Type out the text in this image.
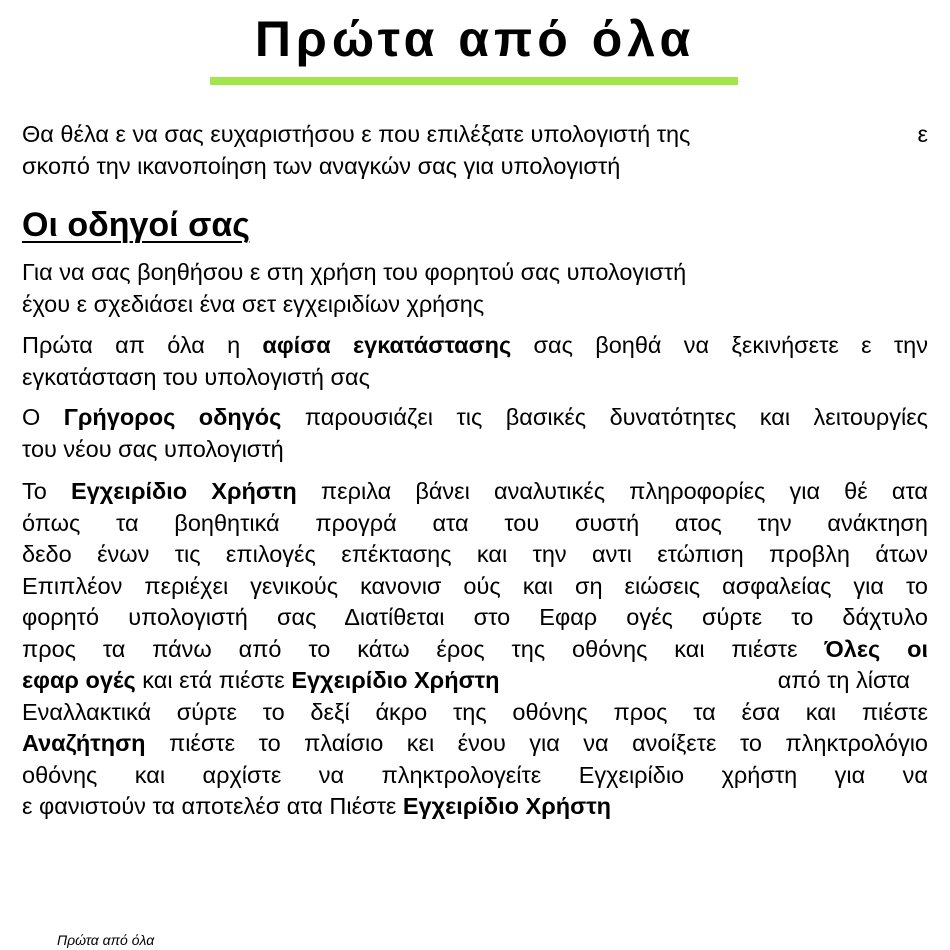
Πρώτα από όλα
Θα θέλα ε να σας ευχαριστήσου ε που επιλέξατε υπολογιστή της	ε
σκοπό την ικανοποίηση των αναγκών σας για υπολογιστή
Οι οδηγοί σας
Για να σας βοηθήσου ε στη χρήση του φορητού σας υπολογιστή
έχου ε σχεδιάσει ένα σετ εγχειριδίων χρήσης
Πρώτα απ όλα η αφίσα εγκατάστασης σας βοηθά να ξεκινήσετε ε την
εγκατάσταση του υπολογιστή σας
Ο Γρήγορος οδηγός παρουσιάζει τις βασικές δυνατότητες και λειτουργίες
του νέου σας υπολογιστή
Το Εγχειρίδιο Χρήστη περιλα βάνει αναλυτικές πληροφορίες για θέ ατα
όπως τα βοηθητικά προγρά ατα του συστή ατος την ανάκτηση
δεδο ένων τις επιλογές επέκτασης και την αντι ετώπιση προβλη άτων
Επιπλέον περιέχει γενικούς κανονισ ούς και ση ειώσεις ασφαλείας για το
φορητό υπολογιστή σας Διατίθεται στο Εφαρ ογές σύρτε το δάχτυλο
προς τα πάνω από το κάτω έρος της οθόνης και πιέστε Όλες οι
εφαρ ογές και ετά πιέστε Εγχειρίδιο Χρήστη	από τη λίστα
Εναλλακτικά σύρτε το δεξί άκρο της οθόνης προς τα έσα και πιέστε
Αναζήτηση πιέστε το πλαίσιο κει ένου για να ανοίξετε το πληκτρολόγιο
οθόνης και αρχίστε να πληκτρολογείτε Εγχειρίδιο χρήστη για να
ε φανιστούν τα αποτελέσ ατα Πιέστε Εγχειρίδιο Χρήστη
Πρώτα από όλα
